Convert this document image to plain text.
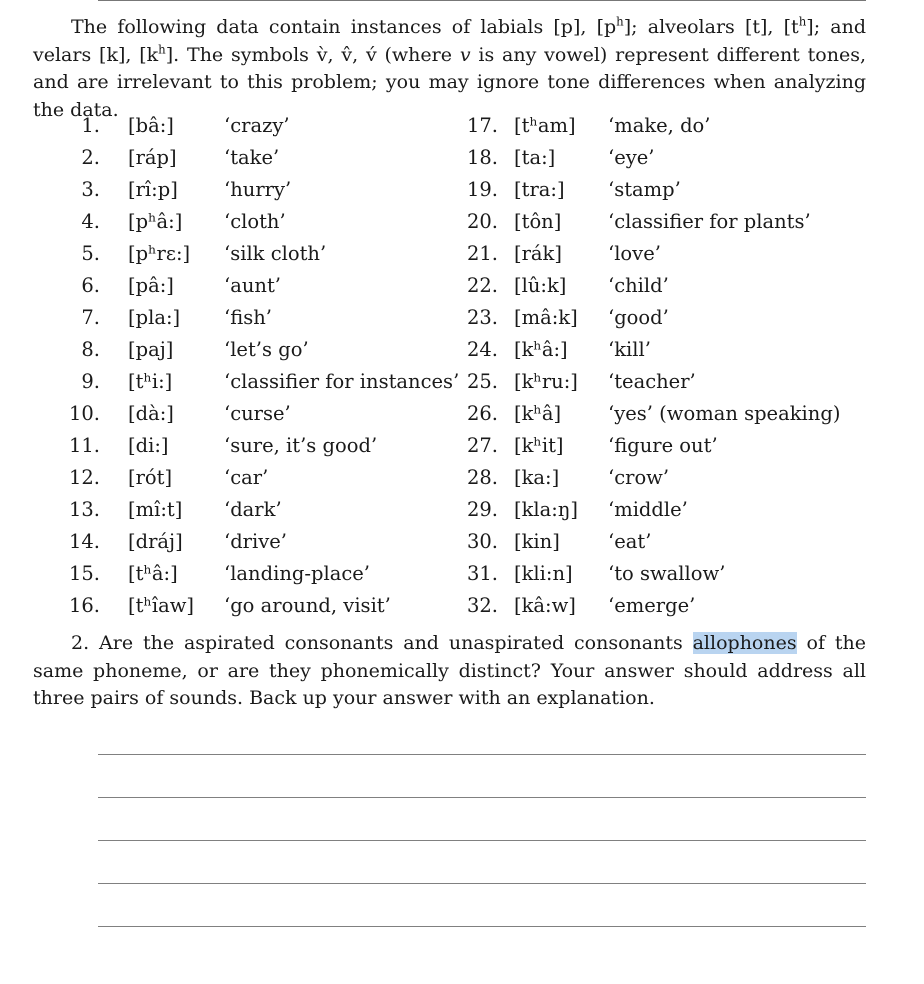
The following data contain instances of labials [p], $[p^h]$; alveolars [t], $[t^h]$; and velars [k], $[k^h]$. The symbols v̀, v̂, v́ (where v is any vowel) represent different tones, and are irrelevant to this problem; you may ignore tone differences when analyzing the data.
1. [bâ:]	‘crazy’	17. [tʰam] ‘make, do’
2. [ráp] ‘take’	18. [ta:]	‘eye’
3. [rî:p] ‘hurry’	19. [tra:] ‘stamp’
4. [pʰâ:] ‘cloth’	20. [tôn] ‘classifier for plants’
5. [pʰrɛ:] ‘silk cloth’	21. [rák] ‘love’
6. [pâ:]	‘aunt’	22. [lû:k] ‘child’
7. [pla:] ‘fish’	23. [mâ:k] ‘good’
8. [paj]	‘let’s go’	24. [kʰâ:] ‘kill’
9. [tʰi:]	‘classifier for instances’ 25. [kʰru:] ‘teacher’
10. [dà:]	‘curse’	26. [kʰâ] ‘yes’ (woman speaking)
11. [di:]	‘sure, it’s good’	27. [kʰit] ‘figure out’
12. [rót]	‘car’	28. [ka:]	‘crow’
13. [mî:t] ‘dark’	29. [kla:ŋ] ‘middle’
14. [dráj] ‘drive’	30. [kin] ‘eat’
15. [tʰâ:] ‘landing-place’	31. [kli:n] ‘to swallow’
16. [tʰîaw] ‘go around, visit’	32. [kâ:w] ‘emerge’
2. Are the aspirated consonants and unaspirated consonants allophones of the same phoneme, or are they phonemically distinct? Your answer should address all three pairs of sounds. Back up your answer with an explanation.
